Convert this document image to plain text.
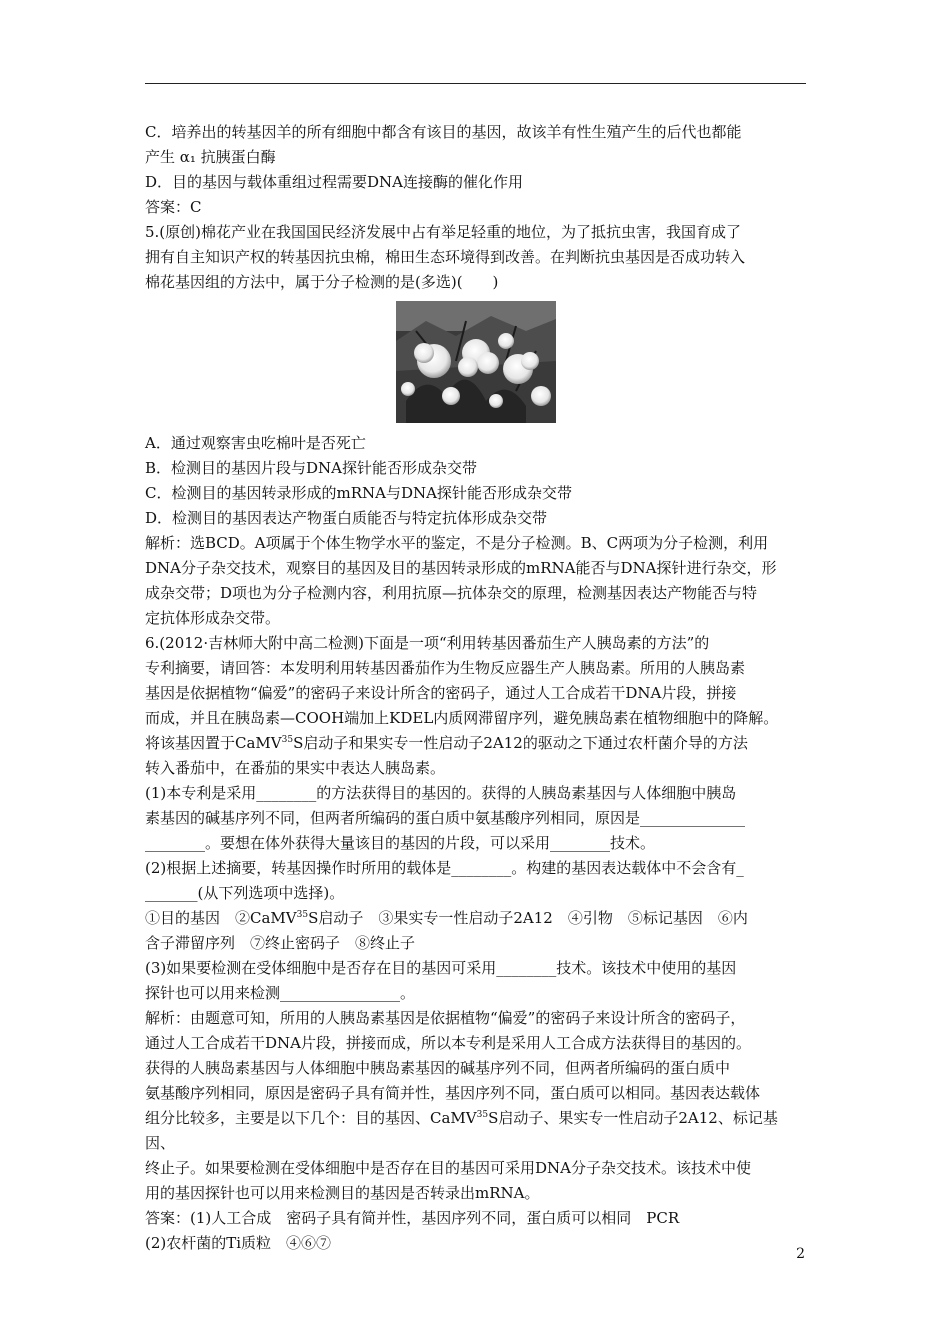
C．培养出的转基因羊的所有细胞中都含有该目的基因，故该羊有性生殖产生的后代也都能

产生 α₁ 抗胰蛋白酶

D．目的基因与载体重组过程需要DNA连接酶的催化作用

答案：C

5.(原创)棉花产业在我国国民经济发展中占有举足轻重的地位，为了抵抗虫害，我国育成了

拥有自主知识产权的转基因抗虫棉，棉田生态环境得到改善。在判断抗虫基因是否成功转入

棉花基因组的方法中，属于分子检测的是(多选)(　　)

A．通过观察害虫吃棉叶是否死亡

B．检测目的基因片段与DNA探针能否形成杂交带

C．检测目的基因转录形成的mRNA与DNA探针能否形成杂交带

D．检测目的基因表达产物蛋白质能否与特定抗体形成杂交带

解析：选BCD。A项属于个体生物学水平的鉴定，不是分子检测。B、C两项为分子检测，利用

DNA分子杂交技术，观察目的基因及目的基因转录形成的mRNA能否与DNA探针进行杂交，形

成杂交带；D项也为分子检测内容，利用抗原—抗体杂交的原理，检测基因表达产物能否与特

定抗体形成杂交带。

6.(2012·吉林师大附中高二检测)下面是一项“利用转基因番茄生产人胰岛素的方法”的

专利摘要，请回答：本发明利用转基因番茄作为生物反应器生产人胰岛素。所用的人胰岛素

基因是依据植物“偏爱”的密码子来设计所含的密码子，通过人工合成若干DNA片段，拼接

而成，并且在胰岛素—COOH端加上KDEL内质网滞留序列，避免胰岛素在植物细胞中的降解。

将该基因置于CaMV$^{35}$S启动子和果实专一性启动子2A12的驱动之下通过农杆菌介导的方法

转入番茄中，在番茄的果实中表达人胰岛素。

(1)本专利是采用________的方法获得目的基因的。获得的人胰岛素基因与人体细胞中胰岛

素基因的碱基序列不同，但两者所编码的蛋白质中氨基酸序列相同，原因是______________

________。要想在体外获得大量该目的基因的片段，可以采用________技术。

(2)根据上述摘要，转基因操作时所用的载体是________。构建的基因表达载体中不会含有_

_______(从下列选项中选择)。

①目的基因　②CaMV$^{35}$S启动子　③果实专一性启动子2A12　④引物　⑤标记基因　⑥内

含子滞留序列　⑦终止密码子　⑧终止子

(3)如果要检测在受体细胞中是否存在目的基因可采用________技术。该技术中使用的基因

探针也可以用来检测________________。

解析：由题意可知，所用的人胰岛素基因是依据植物“偏爱”的密码子来设计所含的密码子，

通过人工合成若干DNA片段，拼接而成，所以本专利是采用人工合成方法获得目的基因的。

获得的人胰岛素基因与人体细胞中胰岛素基因的碱基序列不同，但两者所编码的蛋白质中

氨基酸序列相同，原因是密码子具有简并性，基因序列不同，蛋白质可以相同。基因表达载体

组分比较多，主要是以下几个：目的基因、CaMV$^{35}$S启动子、果实专一性启动子2A12、标记基因、

终止子。如果要检测在受体细胞中是否存在目的基因可采用DNA分子杂交技术。该技术中使

用的基因探针也可以用来检测目的基因是否转录出mRNA。

答案：(1)人工合成　密码子具有简并性，基因序列不同，蛋白质可以相同　PCR

(2)农杆菌的Ti质粒　④⑥⑦

2
